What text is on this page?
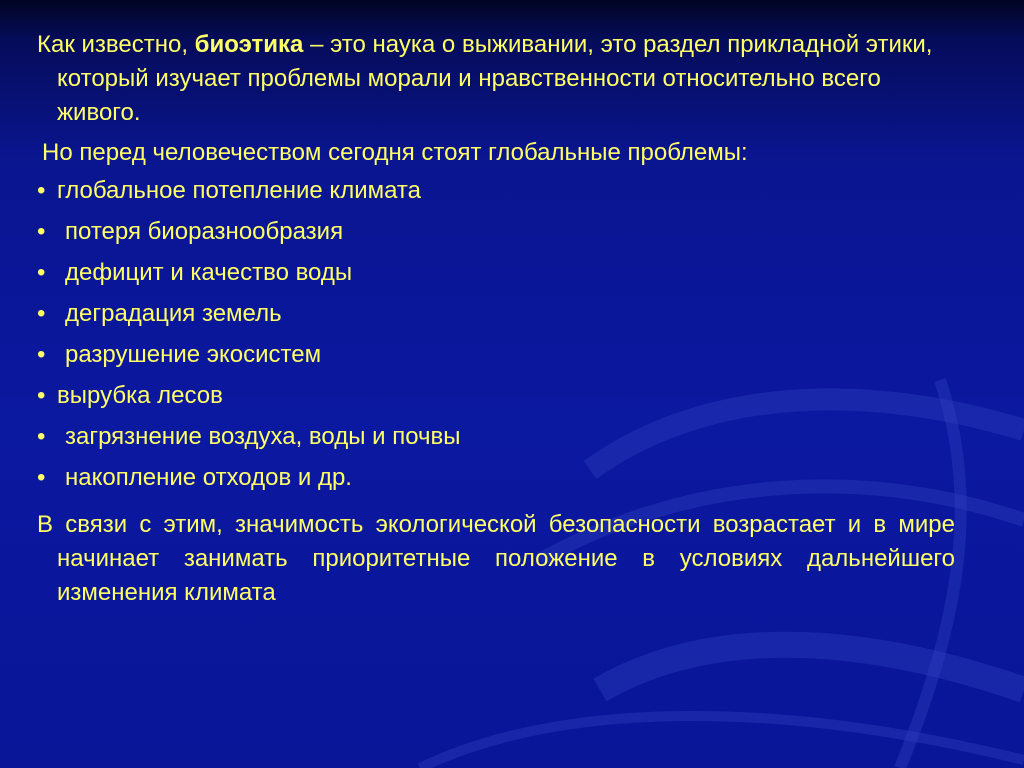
Как известно, биоэтика – это наука о выживании, это раздел прикладной этики, который изучает проблемы морали и нравственности относительно всего живого.

Но перед человечеством сегодня стоят глобальные проблемы:

• глобальное потепление климата
• потеря биоразнообразия
• дефицит и качество воды
• деградация земель
• разрушение экосистем
• вырубка лесов
• загрязнение воздуха, воды и почвы
• накопление отходов и др.

В связи с этим, значимость экологической безопасности возрастает и в мире начинает занимать приоритетные положение в условиях дальнейшего изменения климата
